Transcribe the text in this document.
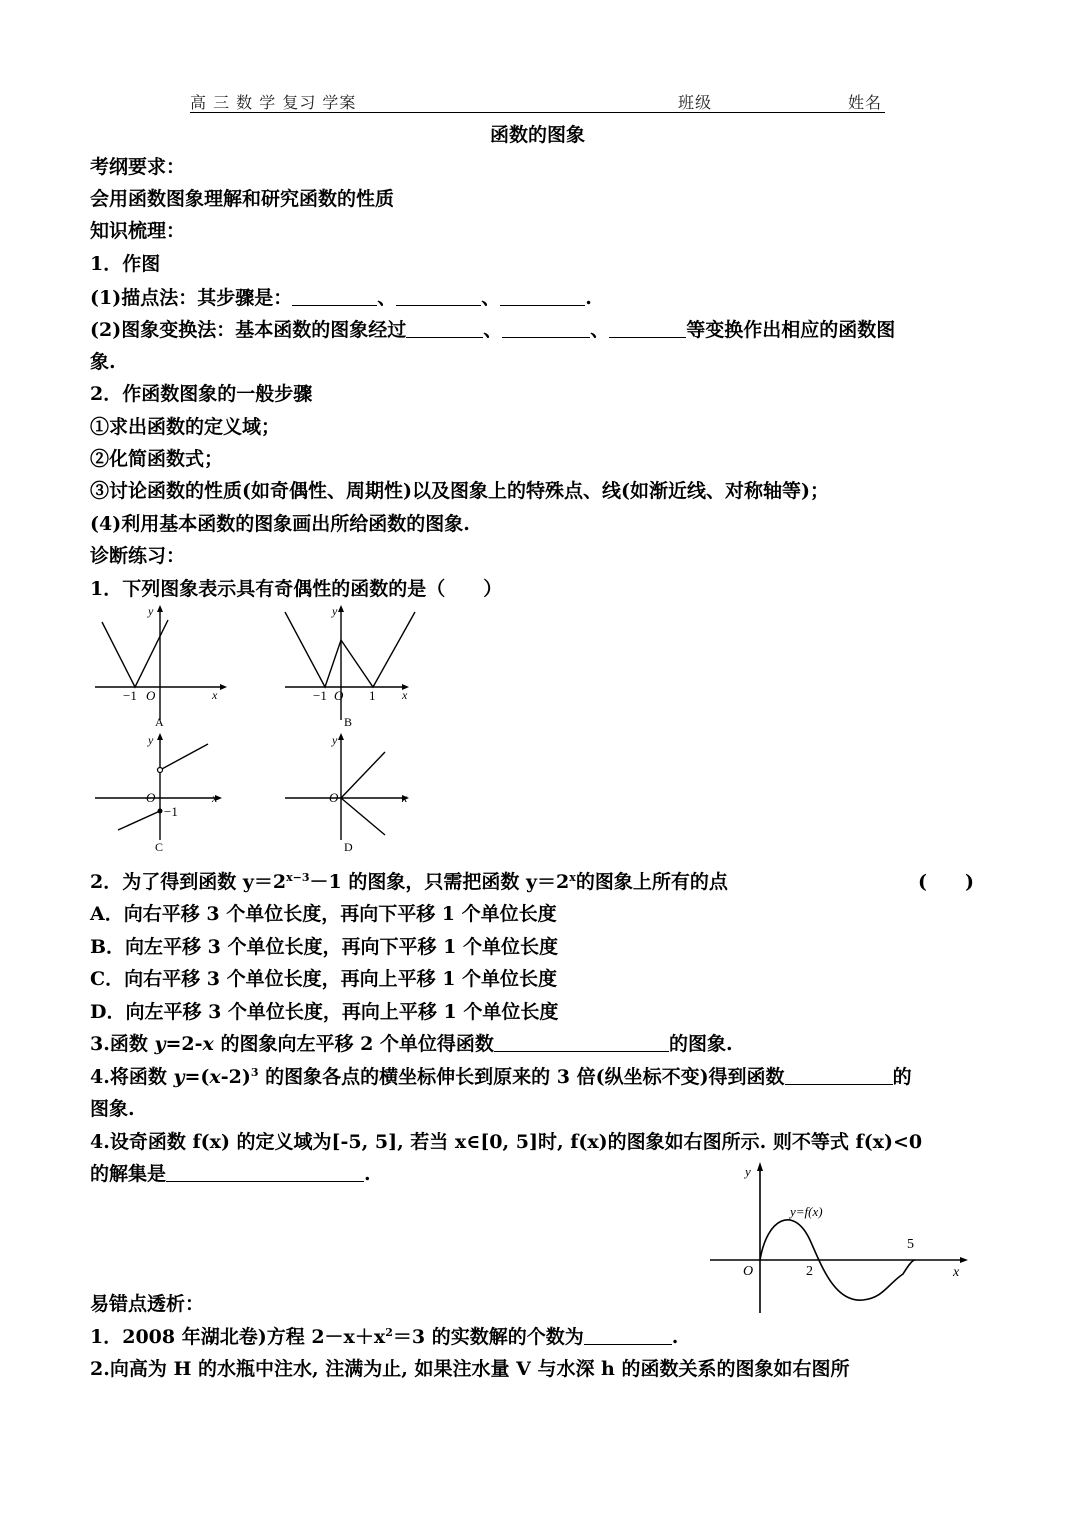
高 三 数 学 复习 学案	班级	姓名
函数的图象
考纲要求：
会用函数图象理解和研究函数的性质
知识梳理：
1．作图
(1)描点法：其步骤是：	、	、	.
(2)图象变换法：基本函数的图象经过	、	、	等变换作出相应的函数图
象.
2．作函数图象的一般步骤
①求出函数的定义域；
②化简函数式；
③讨论函数的性质(如奇偶性、周期性)以及图象上的特殊点、线(如渐近线、对称轴等)；
(4)利用基本函数的图象画出所给函数的图象.
诊断练习：
1．下列图象表示具有奇偶性的函数的是（　　）
y
x
O
−1
A
y
x
O
−1	1
B
y
x
O
−1
C
y
x
O
D
2．为了得到函数 $y=2^{x-3}-1$ 的图象，只需把函数 $y=2^x$的图象上所有的点	(　　)
A．向右平移 3 个单位长度，再向下平移 1 个单位长度
B．向左平移 3 个单位长度，再向下平移 1 个单位长度
C．向右平移 3 个单位长度，再向上平移 1 个单位长度
D．向左平移 3 个单位长度，再向上平移 1 个单位长度
3.函数 y=2-x 的图象向左平移 2 个单位得函数	的图象.
4.将函数 $y=(x-2)^3$ 的图象各点的横坐标伸长到原来的 3 倍(纵坐标不变)得到函数	的
图象.
4.设奇函数 f(x) 的定义域为[-5, 5], 若当 x∈[0, 5]时, f(x)的图象如右图所示. 则不等式 f(x)<0
的解集是	.	y
x
O	2
5
y=f(x)
易错点透析：
1．2008 年湖北卷)方程 $2-x+x^2=3$ 的实数解的个数为	.
2.向高为 H 的水瓶中注水, 注满为止, 如果注水量 V 与水深 h 的函数关系的图象如右图所
